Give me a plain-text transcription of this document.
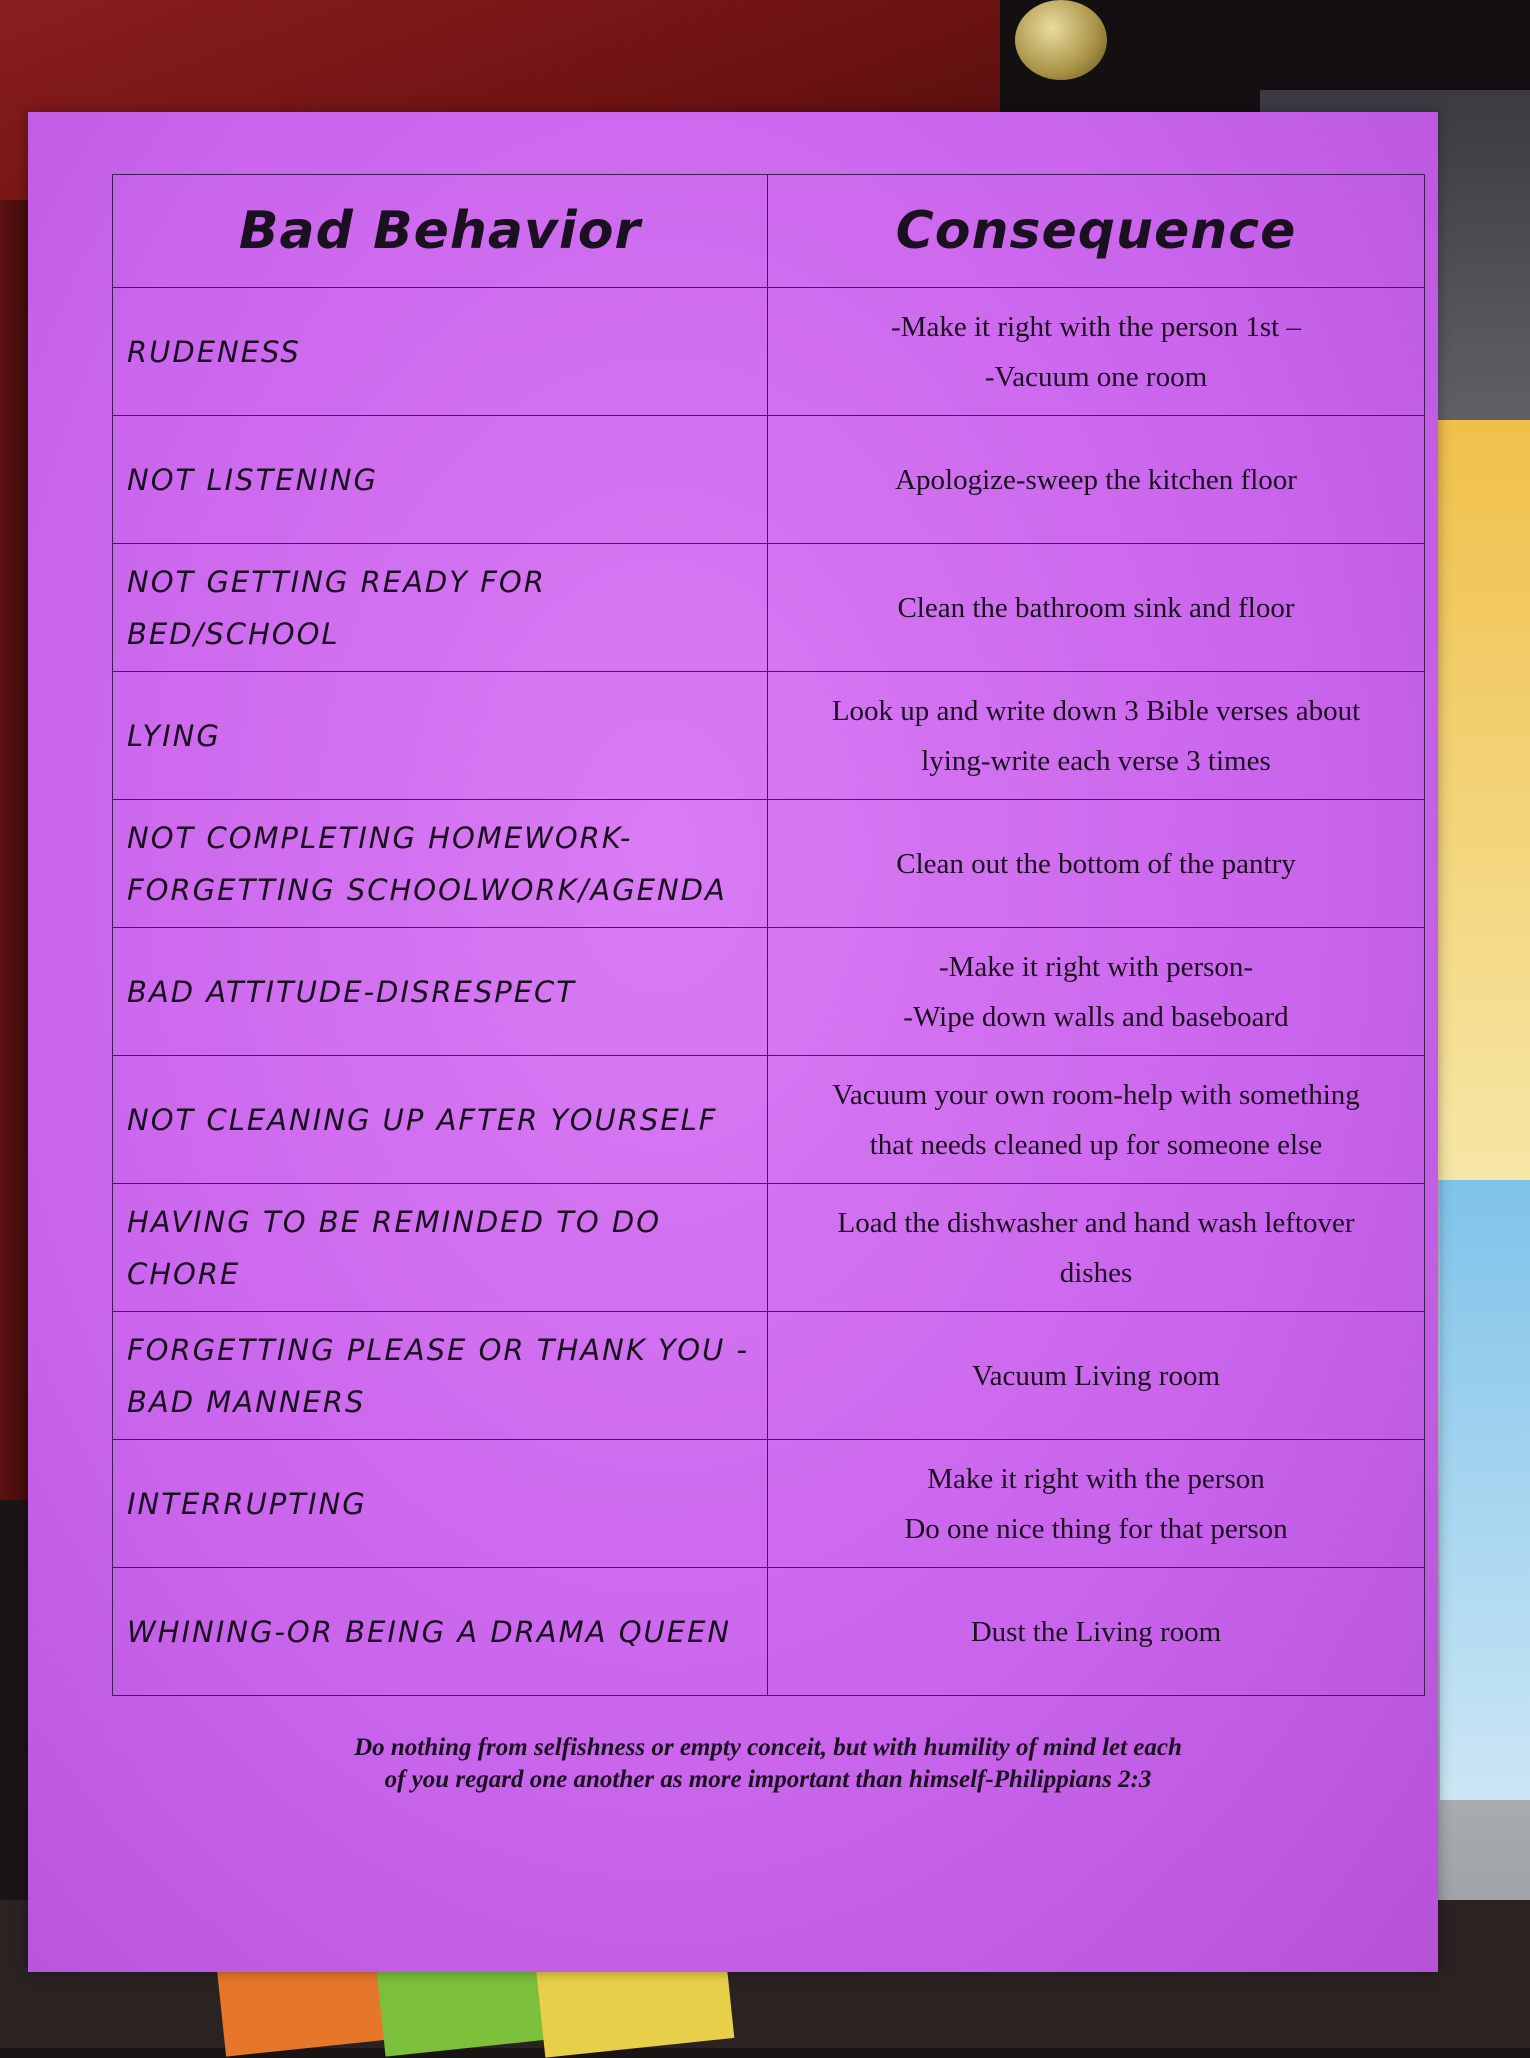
Bad Behavior	Consequence
RUDENESS	-Make it right with the person 1st –
-Vacuum one room

NOT LISTENING	Apologize-sweep the kitchen floor

NOT GETTING READY FOR BED/SCHOOL	Clean the bathroom sink and floor

LYING	Look up and write down 3 Bible verses about
lying-write each verse 3 times

NOT COMPLETING HOMEWORK- FORGETTING SCHOOLWORK/AGENDA	Clean out the bottom of the pantry

BAD ATTITUDE-DISRESPECT	-Make it right with person-
-Wipe down walls and baseboard

NOT CLEANING UP AFTER YOURSELF	Vacuum your own room-help with something
that needs cleaned up for someone else

HAVING TO BE REMINDED TO DO CHORE	Load the dishwasher and hand wash leftover
dishes

FORGETTING PLEASE OR THANK YOU - BAD MANNERS	Vacuum Living room

INTERRUPTING	Make it right with the person
Do one nice thing for that person

WHINING-OR BEING A DRAMA QUEEN	Dust the Living room
Do nothing from selfishness or empty conceit, but with humility of mind let each
of you regard one another as more important than himself-Philippians 2:3
